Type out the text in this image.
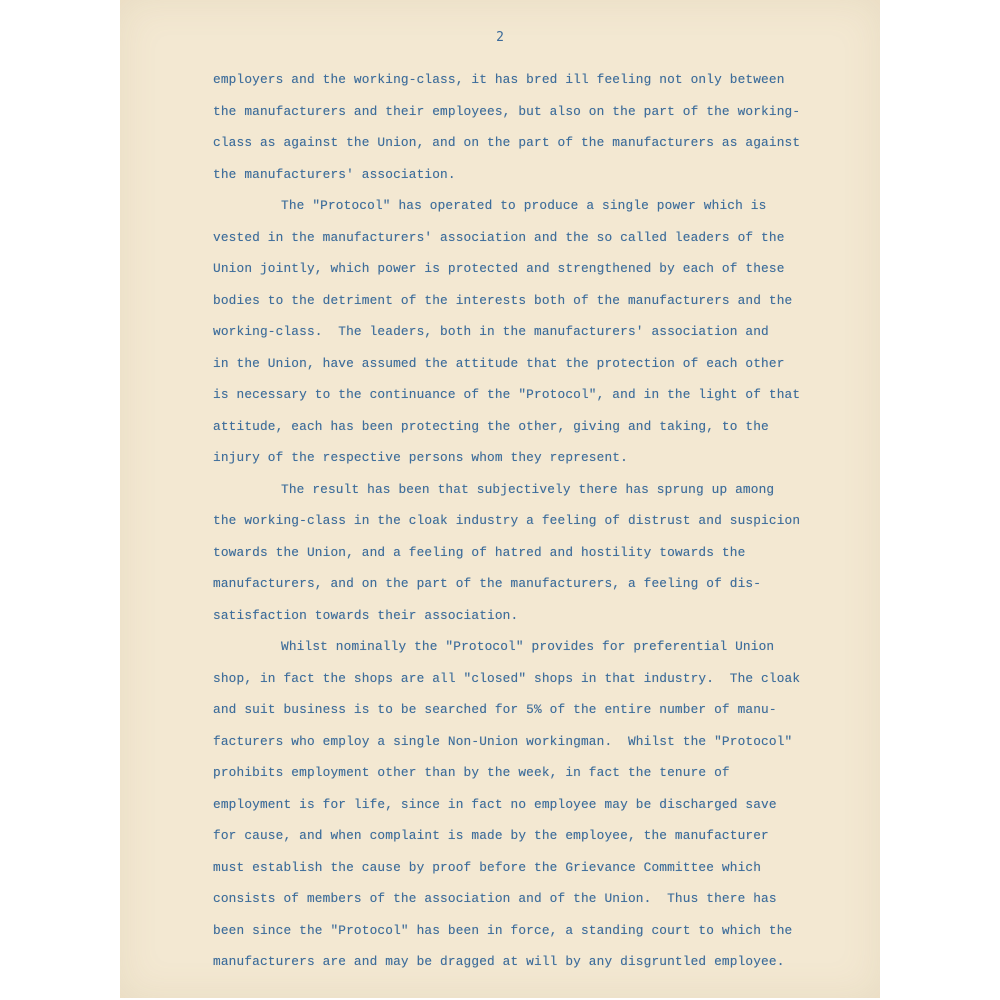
2
employers and the working-class, it has bred ill feeling not only between
the manufacturers and their employees, but also on the part of the working-
class as against the Union, and on the part of the manufacturers as against
the manufacturers' association.
The "Protocol" has operated to produce a single power which is
vested in the manufacturers' association and the so called leaders of the
Union jointly, which power is protected and strengthened by each of these
bodies to the detriment of the interests both of the manufacturers and the
working-class.  The leaders, both in the manufacturers' association and
in the Union, have assumed the attitude that the protection of each other
is necessary to the continuance of the "Protocol", and in the light of that
attitude, each has been protecting the other, giving and taking, to the
injury of the respective persons whom they represent.
The result has been that subjectively there has sprung up among
the working-class in the cloak industry a feeling of distrust and suspicion
towards the Union, and a feeling of hatred and hostility towards the
manufacturers, and on the part of the manufacturers, a feeling of dis-
satisfaction towards their association.
Whilst nominally the "Protocol" provides for preferential Union
shop, in fact the shops are all "closed" shops in that industry.  The cloak
and suit business is to be searched for 5% of the entire number of manu-
facturers who employ a single Non-Union workingman.  Whilst the "Protocol"
prohibits employment other than by the week, in fact the tenure of
employment is for life, since in fact no employee may be discharged save
for cause, and when complaint is made by the employee, the manufacturer
must establish the cause by proof before the Grievance Committee which
consists of members of the association and of the Union.  Thus there has
been since the "Protocol" has been in force, a standing court to which the
manufacturers are and may be dragged at will by any disgruntled employee.
